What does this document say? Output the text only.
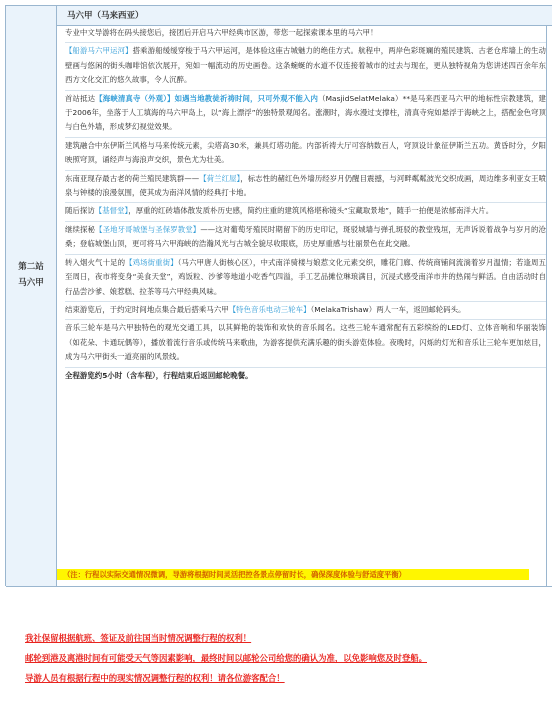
第二站
马六甲
马六甲（马来西亚）

专业中文导游将在码头接您后，接团后开启马六甲经典市区游，带您一起探索课本里的马六甲！

【船游马六甲运河】搭乘游船缓缓穿梭于马六甲运河，是体验这座古城魅力的绝佳方式。航程中，两岸色彩斑斓的殖民建筑、古老仓库墙上的生动壁画与悠闲的街头咖啡馆依次展开，宛如一幅流动的历史画卷。这条蜿蜒的水道不仅连接着城市的过去与现在，更从独特视角为您讲述四百余年东西方文化交汇的悠久故事，令人沉醉。

首站抵达【海峡清真寺（外观）】如遇当地教徒祈祷时间，只可外观不能入内（MasjidSelatMelaka）**是马来西亚马六甲的地标性宗教建筑，建于2006年，坐落于人工填海的马六甲岛上，以“海上漂浮”的独特景观闻名。涨潮时，海水漫过支撑柱，清真寺宛如悬浮于海峡之上，搭配金色穹顶与白色外墙，形成梦幻视觉效果。

建筑融合中东伊斯兰风格与马来传统元素，尖塔高30米，兼具灯塔功能。内部祈祷大厅可容纳数百人，穹顶设计象征伊斯兰五功。黄昏时分，夕阳映照穹顶，诵经声与海浪声交织，景色尤为壮美。

东南亚现存最古老的荷兰殖民建筑群——【荷兰红屋】，标志性的赭红色外墙历经岁月仍醒目震撼，与河畔粼粼波光交织成画，周边维多利亚女王喷泉与钟楼的浪漫氛围，使其成为南洋风情的经典打卡地。

随后探访【基督堂】，厚重的红砖墙体散发质朴历史感，简约庄重的建筑风格堪称镜头“宝藏取景地”，随手一拍便是浓郁南洋大片。

继续探秘【圣地牙哥城堡与圣保罗教堂】——这对葡萄牙殖民时期留下的历史印记，斑驳城墙与弹孔斑驳的教堂残垣，无声诉说着战争与岁月的沧桑；登临城堡山顶，更可将马六甲海峡的浩瀚风光与古城全貌尽收眼底，历史厚重感与壮丽景色在此交融。

转入烟火气十足的【鸡场街重街】（马六甲唐人街核心区），中式南洋骑楼与娘惹文化元素交织，雕花门廊、传统商铺间流淌着岁月温情；若逢周五至周日，夜市将变身“美食天堂”，鸡饭粒、沙爹等地道小吃香气四溢，手工艺品摊位琳琅满目，沉浸式感受南洋市井的热闹与鲜活。自由活动时自行品尝沙爹、娘惹糕、拉茶等马六甲经典风味。

结束游览后，于约定时间地点集合最后搭乘马六甲【特色音乐电动三轮车】（MelakaTrishaw）两人一车，返回邮轮码头。

音乐三轮车是马六甲独特色的观光交通工具，以其鲜艳的装饰和欢快的音乐闻名。这些三轮车通常配有五彩缤纷的LED灯、立体音响和华丽装饰（如花朵、卡通玩偶等），播放着流行音乐或传统马来歌曲，为游客提供充满乐趣的街头游览体验。夜晚时，闪烁的灯光和音乐让三轮车更加炫目，成为马六甲街头一道亮丽的风景线。

全程游览约5小时（含车程），行程结束后返回邮轮晚餐。

（注：行程以实际交通情况微调，导游将根据时间灵活把控各景点停留时长，确保深度体验与舒适度平衡）
我社保留根据航班、签证及前往国当时情况调整行程的权利！
邮轮到港及离港时间有可能受天气等因素影响，最终时间以邮轮公司给您的确认为准，以免影响您及时登船。
导游人员有根据行程中的现实情况调整行程的权利！请各位游客配合！
